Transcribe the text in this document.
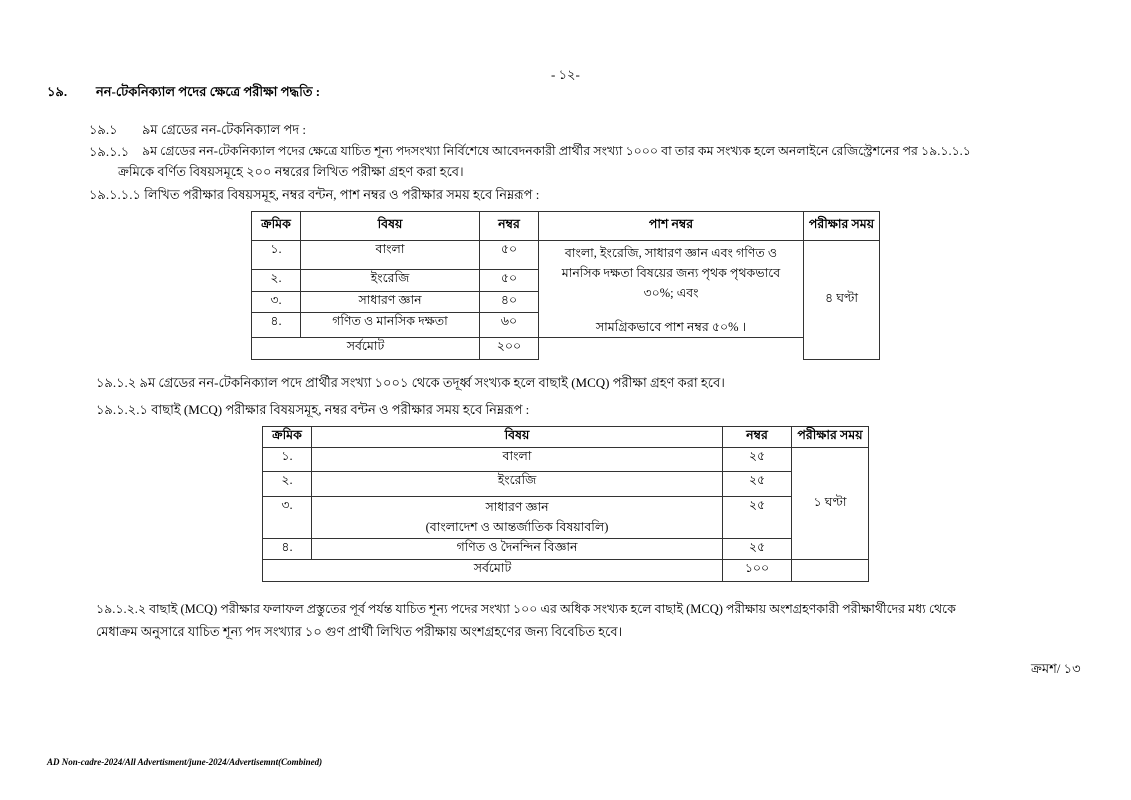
- ১২-
১৯. নন-টেকনিক্যাল পদের ক্ষেত্রে পরীক্ষা পদ্ধতি :
১৯.১ ৯ম গ্রেডের নন-টেকনিক্যাল পদ :
১৯.১.১ ৯ম গ্রেডের নন-টেকনিক্যাল পদের ক্ষেত্রে যাচিত শূন্য পদসংখ্যা নির্বিশেষে আবেদনকারী প্রার্থীর সংখ্যা ১০০০ বা তার কম সংখ্যক হলে অনলাইনে রেজিস্ট্রেশনের পর ১৯.১.১.১
ক্রমিকে বর্ণিত বিষয়সমূহে ২০০ নম্বরের লিখিত পরীক্ষা গ্রহণ করা হবে।
১৯.১.১.১ লিখিত পরীক্ষার বিষয়সমূহ, নম্বর বন্টন, পাশ নম্বর ও পরীক্ষার সময় হবে নিম্নরূপ :
ক্রমিক	বিষয়	নম্বর	পাশ নম্বর	পরীক্ষার সময়
১.	বাংলা	৫০	বাংলা, ইংরেজি, সাধারণ জ্ঞান এবং গণিত ও
মানসিক দক্ষতা বিষয়ের জন্য পৃথক পৃথকভাবে
৩০%; এবং
সামগ্রিকভাবে পাশ নম্বর ৫০% ।	৪ ঘণ্টা
২.	ইংরেজি	৫০		
৩.	সাধারণ জ্ঞান	৪০		
৪.	গণিত ও মানসিক দক্ষতা	৬০		
সর্বমোট		২০০		
১৯.১.২ ৯ম গ্রেডের নন-টেকনিক্যাল পদে প্রার্থীর সংখ্যা ১০০১ থেকে তদূর্ধ্ব সংখ্যক হলে বাছাই (MCQ) পরীক্ষা গ্রহণ করা হবে।
১৯.১.২.১ বাছাই (MCQ) পরীক্ষার বিষয়সমূহ, নম্বর বন্টন ও পরীক্ষার সময় হবে নিম্নরূপ :
ক্রমিক	বিষয়	নম্বর	পরীক্ষার সময়
১.	বাংলা	২৫	১ ঘণ্টা
২.	ইংরেজি	২৫	
৩.	সাধারণ জ্ঞান
(বাংলাদেশ ও আন্তর্জাতিক বিষয়াবলি)	২৫	
৪.	গণিত ও দৈনন্দিন বিজ্ঞান	২৫	
সর্বমোট		১০০	
১৯.১.২.২ বাছাই (MCQ) পরীক্ষার ফলাফল প্রস্তুতের পূর্ব পর্যন্ত যাচিত শূন্য পদের সংখ্যা ১০০ এর অধিক সংখ্যক হলে বাছাই (MCQ) পরীক্ষায় অংশগ্রহণকারী পরীক্ষার্থীদের মধ্য থেকে
মেধাক্রম অনুসারে যাচিত শূন্য পদ সংখ্যার ১০ গুণ প্রার্থী লিখিত পরীক্ষায় অংশগ্রহণের জন্য বিবেচিত হবে।
ক্রমশ/ ১৩
AD Non-cadre-2024/All Advertisment/june-2024/Advertisemnt(Combined)
